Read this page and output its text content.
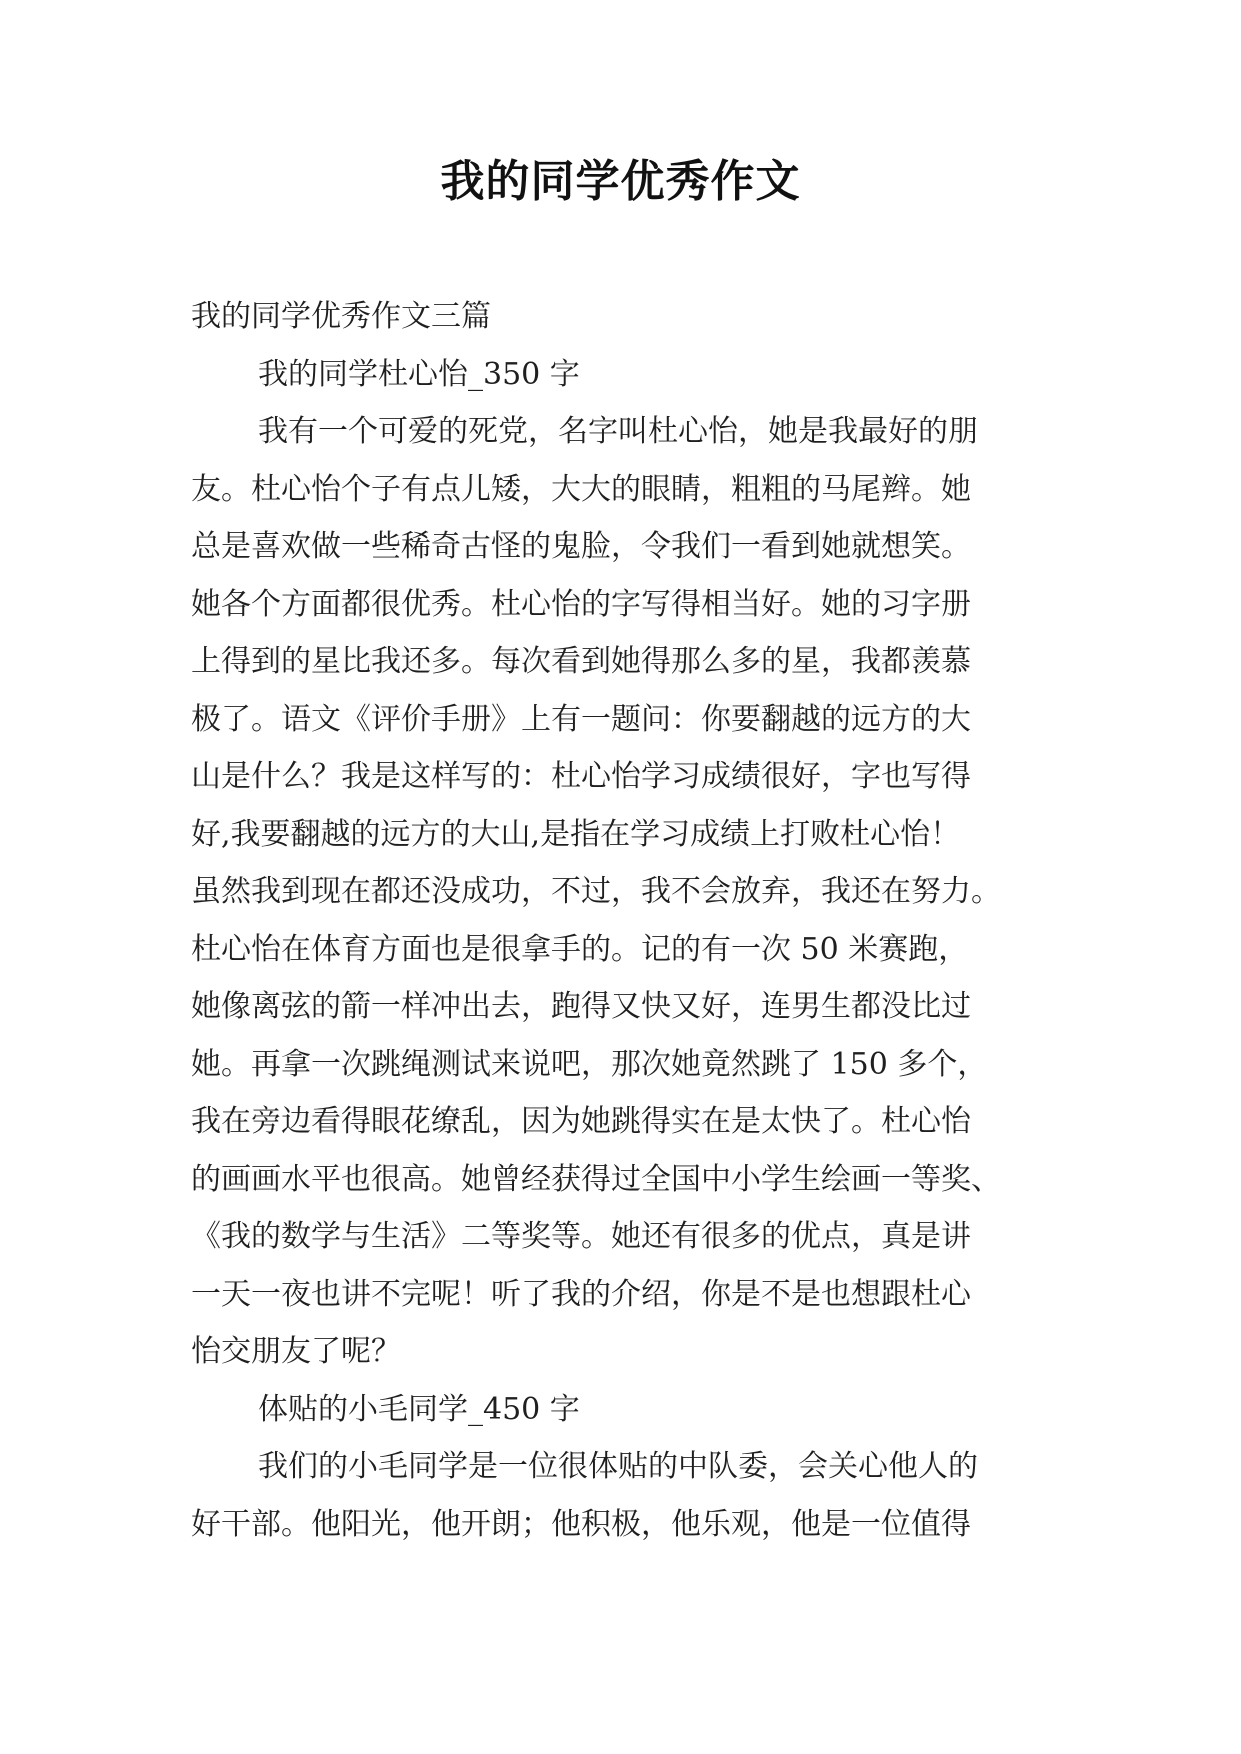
我的同学优秀作文
我的同学优秀作文三篇
我的同学杜心怡_350 字
我有一个可爱的死党，名字叫杜心怡，她是我最好的朋
友。杜心怡个子有点儿矮，大大的眼睛，粗粗的马尾辫。她
总是喜欢做一些稀奇古怪的鬼脸，令我们一看到她就想笑。
她各个方面都很优秀。杜心怡的字写得相当好。她的习字册
上得到的星比我还多。每次看到她得那么多的星，我都羡慕
极了。语文《评价手册》上有一题问：你要翻越的远方的大
山是什么？我是这样写的：杜心怡学习成绩很好，字也写得
好,我要翻越的远方的大山,是指在学习成绩上打败杜心怡！
虽然我到现在都还没成功，不过，我不会放弃，我还在努力。
杜心怡在体育方面也是很拿手的。记的有一次 50 米赛跑，
她像离弦的箭一样冲出去，跑得又快又好，连男生都没比过
她。再拿一次跳绳测试来说吧，那次她竟然跳了 150 多个，
我在旁边看得眼花缭乱，因为她跳得实在是太快了。杜心怡
的画画水平也很高。她曾经获得过全国中小学生绘画一等奖、
《我的数学与生活》二等奖等。她还有很多的优点，真是讲
一天一夜也讲不完呢！听了我的介绍，你是不是也想跟杜心
怡交朋友了呢？
体贴的小毛同学_450 字
我们的小毛同学是一位很体贴的中队委，会关心他人的
好干部。他阳光，他开朗；他积极，他乐观，他是一位值得
